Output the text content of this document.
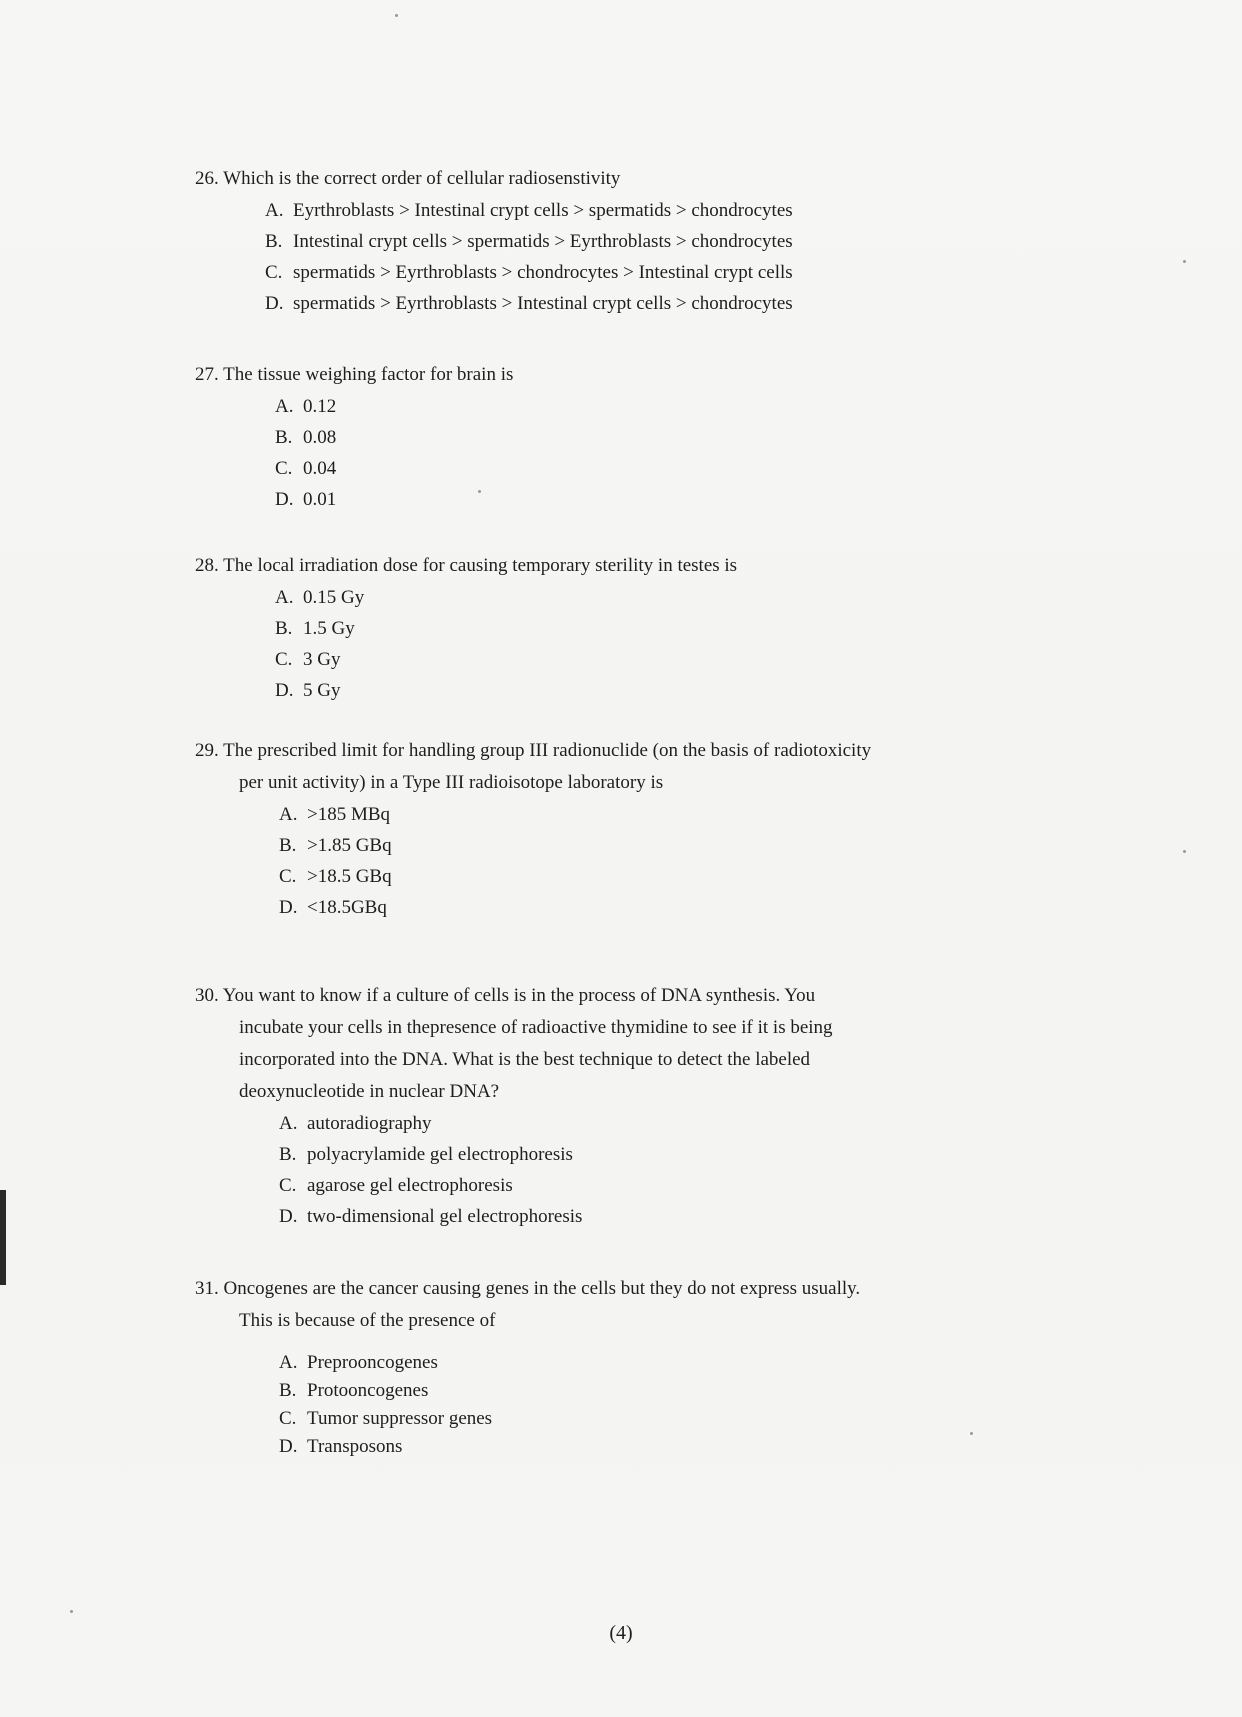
26. Which is the correct order of cellular radiosenstivity

A. Eyrthroblasts > Intestinal crypt cells > spermatids > chondrocytes
B. Intestinal crypt cells > spermatids > Eyrthroblasts > chondrocytes
C. spermatids > Eyrthroblasts > chondrocytes > Intestinal crypt cells
D. spermatids > Eyrthroblasts > Intestinal crypt cells > chondrocytes

27. The tissue weighing factor for brain is

A. 0.12
B. 0.08
C. 0.04
D. 0.01

28. The local irradiation dose for causing temporary sterility in testes is

A. 0.15 Gy
B. 1.5 Gy
C. 3 Gy
D. 5 Gy

29. The prescribed limit for handling group III radionuclide (on the basis of radiotoxicity

per unit activity) in a Type III radioisotope laboratory is

A. >185 MBq
B. >1.85 GBq
C. >18.5 GBq
D. <18.5GBq

30. You want to know if a culture of cells is in the process of DNA synthesis. You

incubate your cells in thepresence of radioactive thymidine to see if it is being

incorporated into the DNA. What is the best technique to detect the labeled

deoxynucleotide in nuclear DNA?

A. autoradiography
B. polyacrylamide gel electrophoresis
C. agarose gel electrophoresis
D. two-dimensional gel electrophoresis

31. Oncogenes are the cancer causing genes in the cells but they do not express usually.

This is because of the presence of

A. Preprooncogenes
B. Protooncogenes
C. Tumor suppressor genes
D. Transposons
(4)
